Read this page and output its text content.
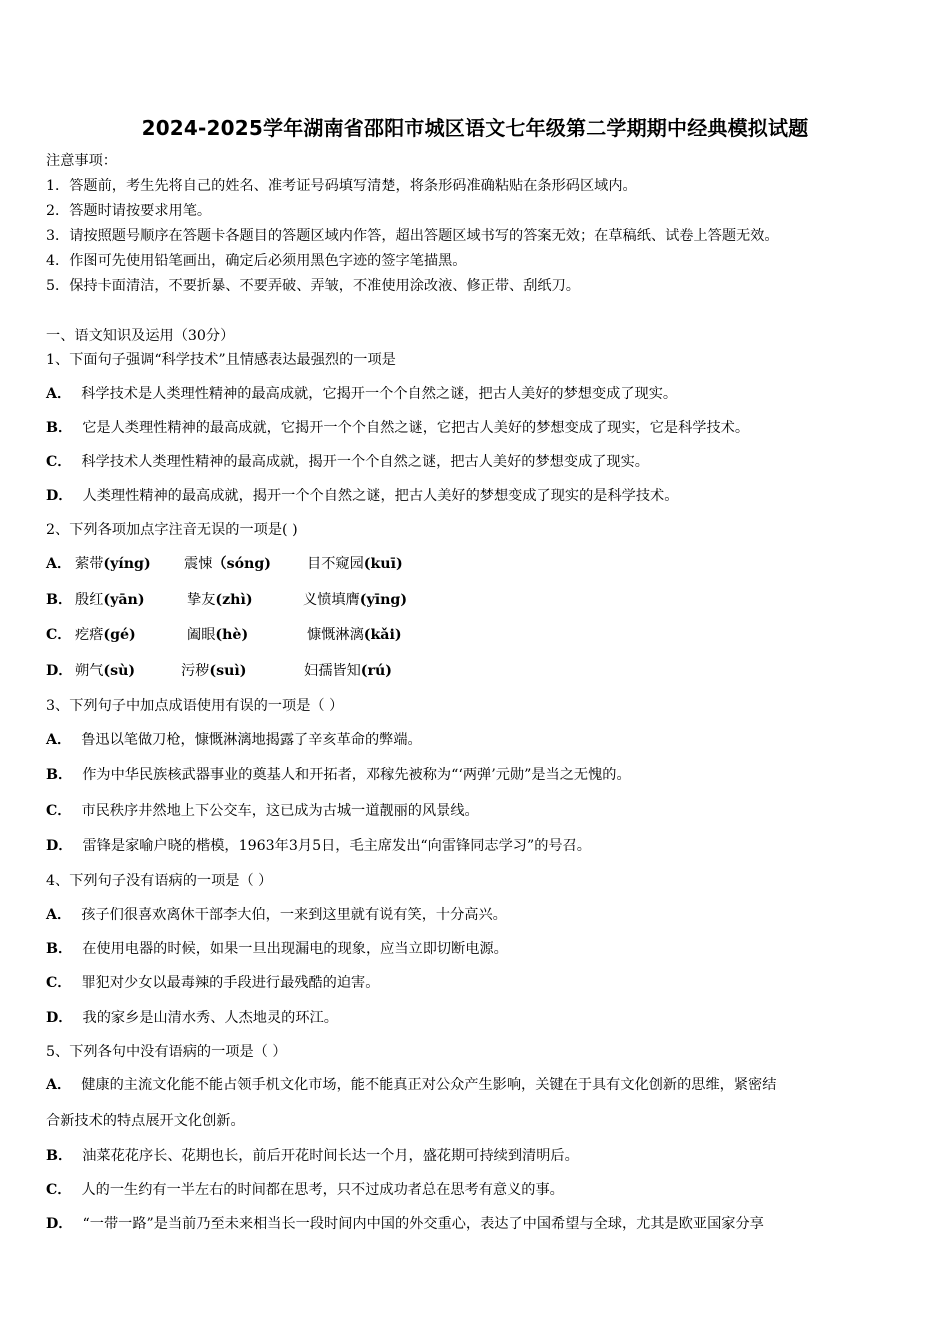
2024-2025学年湖南省邵阳市城区语文七年级第二学期期中经典模拟试题
注意事项：
1．答题前，考生先将自己的姓名、准考证号码填写清楚，将条形码准确粘贴在条形码区域内。
2．答题时请按要求用笔。
3．请按照题号顺序在答题卡各题目的答题区域内作答，超出答题区域书写的答案无效；在草稿纸、试卷上答题无效。
4．作图可先使用铅笔画出，确定后必须用黑色字迹的签字笔描黑。
5．保持卡面清洁，不要折暴、不要弄破、弄皱，不准使用涂改液、修正带、刮纸刀。
一、语文知识及运用（30分）
1、下面句子强调“科学技术”且情感表达最强烈的一项是
A． 科学技术是人类理性精神的最高成就，它揭开一个个自然之谜，把古人美好的梦想变成了现实。
B． 它是人类理性精神的最高成就，它揭开一个个自然之谜，它把古人美好的梦想变成了现实，它是科学技术。
C． 科学技术人类理性精神的最高成就，揭开一个个自然之谜，把古人美好的梦想变成了现实。
D． 人类理性精神的最高成就，揭开一个个自然之谜，把古人美好的梦想变成了现实的是科学技术。
2、下列各项加点字注音无误的一项是( )
A． 萦带(yíng) 震悚（sóng)	目不窥园(kuī)
B． 殷红(yān)	挚友(zhì)	义愤填膺(yīng)
C． 疙瘩(gé)	阖眼(hè)	慷慨淋漓(kǎi)
D． 朔气(sù)	污秽(suì)	妇孺皆知(rú)
3、下列句子中加点成语使用有误的一项是（ ）
A． 鲁迅以笔做刀枪，慷慨淋漓地揭露了辛亥革命的弊端。
B． 作为中华民族核武器事业的奠基人和开拓者，邓稼先被称为“‘两弹’元勋”是当之无愧的。
C． 市民秩序井然地上下公交车，这已成为古城一道靓丽的风景线。
D． 雷锋是家喻户晓的楷模，1963年3月5日，毛主席发出“向雷锋同志学习”的号召。
4、下列句子没有语病的一项是（ ）
A． 孩子们很喜欢离休干部李大伯，一来到这里就有说有笑，十分高兴。
B． 在使用电器的时候，如果一旦出现漏电的现象，应当立即切断电源。
C． 罪犯对少女以最毒辣的手段进行最残酷的迫害。
D． 我的家乡是山清水秀、人杰地灵的环江。
5、下列各句中没有语病的一项是（ ）
A． 健康的主流文化能不能占领手机文化市场，能不能真正对公众产生影响，关键在于具有文化创新的思维，紧密结
合新技术的特点展开文化创新。
B． 油菜花花序长、花期也长，前后开花时间长达一个月，盛花期可持续到清明后。
C． 人的一生约有一半左右的时间都在思考，只不过成功者总在思考有意义的事。
D． “一带一路”是当前乃至未来相当长一段时间内中国的外交重心，表达了中国希望与全球，尤其是欧亚国家分享
